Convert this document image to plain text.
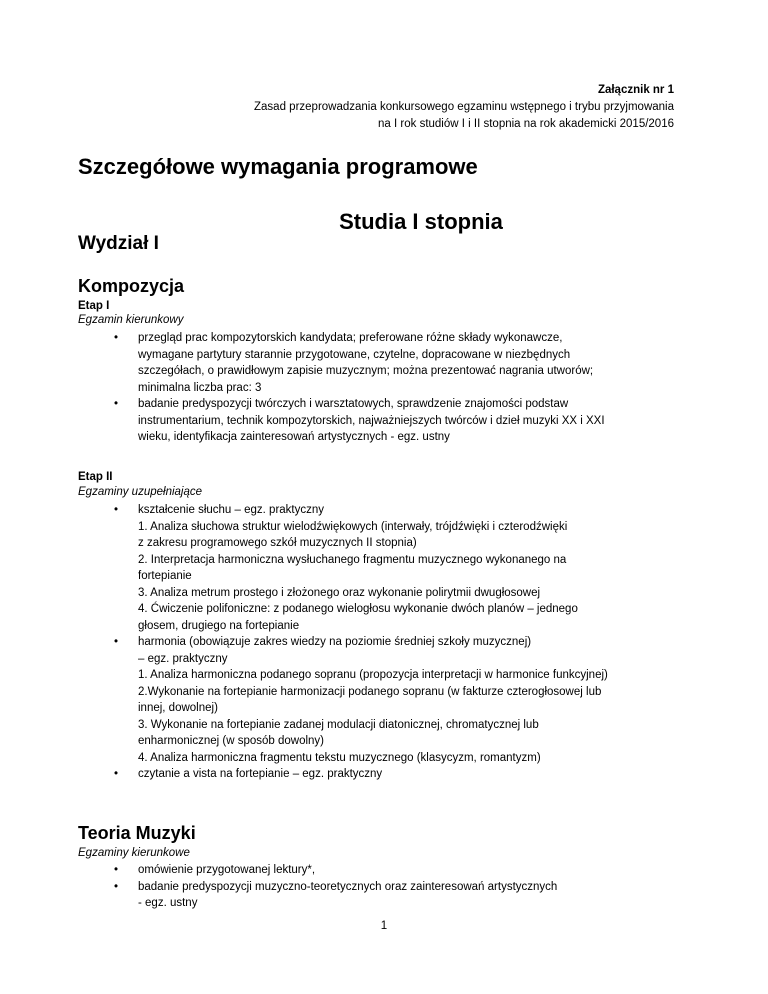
Załącznik nr 1
Zasad przeprowadzania konkursowego egzaminu wstępnego i trybu przyjmowania
na I rok studiów I i II stopnia na rok akademicki 2015/2016
Szczegółowe wymagania programowe
Studia I stopnia
Wydział I
Kompozycja
Etap I
Egzamin kierunkowy
• przegląd prac kompozytorskich kandydata; preferowane różne składy wykonawcze,
wymagane partytury starannie przygotowane, czytelne, dopracowane w niezbędnych
szczegółach, o prawidłowym zapisie muzycznym; można prezentować nagrania utworów;
minimalna liczba prac: 3
• badanie predyspozycji twórczych i warsztatowych, sprawdzenie znajomości podstaw
instrumentarium, technik kompozytorskich, najważniejszych twórców i dzieł muzyki XX i XXI
wieku, identyfikacja zainteresowań artystycznych - egz. ustny
Etap II
Egzaminy uzupełniające
• kształcenie słuchu – egz. praktyczny
1. Analiza słuchowa struktur wielodźwiękowych (interwały, trójdźwięki i czterodźwięki
z zakresu programowego szkół muzycznych II stopnia)
2. Interpretacja harmoniczna wysłuchanego fragmentu muzycznego wykonanego na
fortepianie
3. Analiza metrum prostego i złożonego oraz wykonanie polirytmii dwugłosowej
4. Ćwiczenie polifoniczne: z podanego wielogłosu wykonanie dwóch planów – jednego
głosem, drugiego na fortepianie
• harmonia (obowiązuje zakres wiedzy na poziomie średniej szkoły muzycznej)
– egz. praktyczny
1. Analiza harmoniczna podanego sopranu (propozycja interpretacji w harmonice funkcyjnej)
2.Wykonanie na fortepianie harmonizacji podanego sopranu (w fakturze czterogłosowej lub
innej, dowolnej)
3. Wykonanie na fortepianie zadanej modulacji diatonicznej, chromatycznej lub
enharmonicznej (w sposób dowolny)
4. Analiza harmoniczna fragmentu tekstu muzycznego (klasycyzm, romantyzm)
• czytanie a vista na fortepianie – egz. praktyczny
Teoria Muzyki
Egzaminy kierunkowe
• omówienie przygotowanej lektury*,
• badanie predyspozycji muzyczno-teoretycznych oraz zainteresowań artystycznych
- egz. ustny
1
